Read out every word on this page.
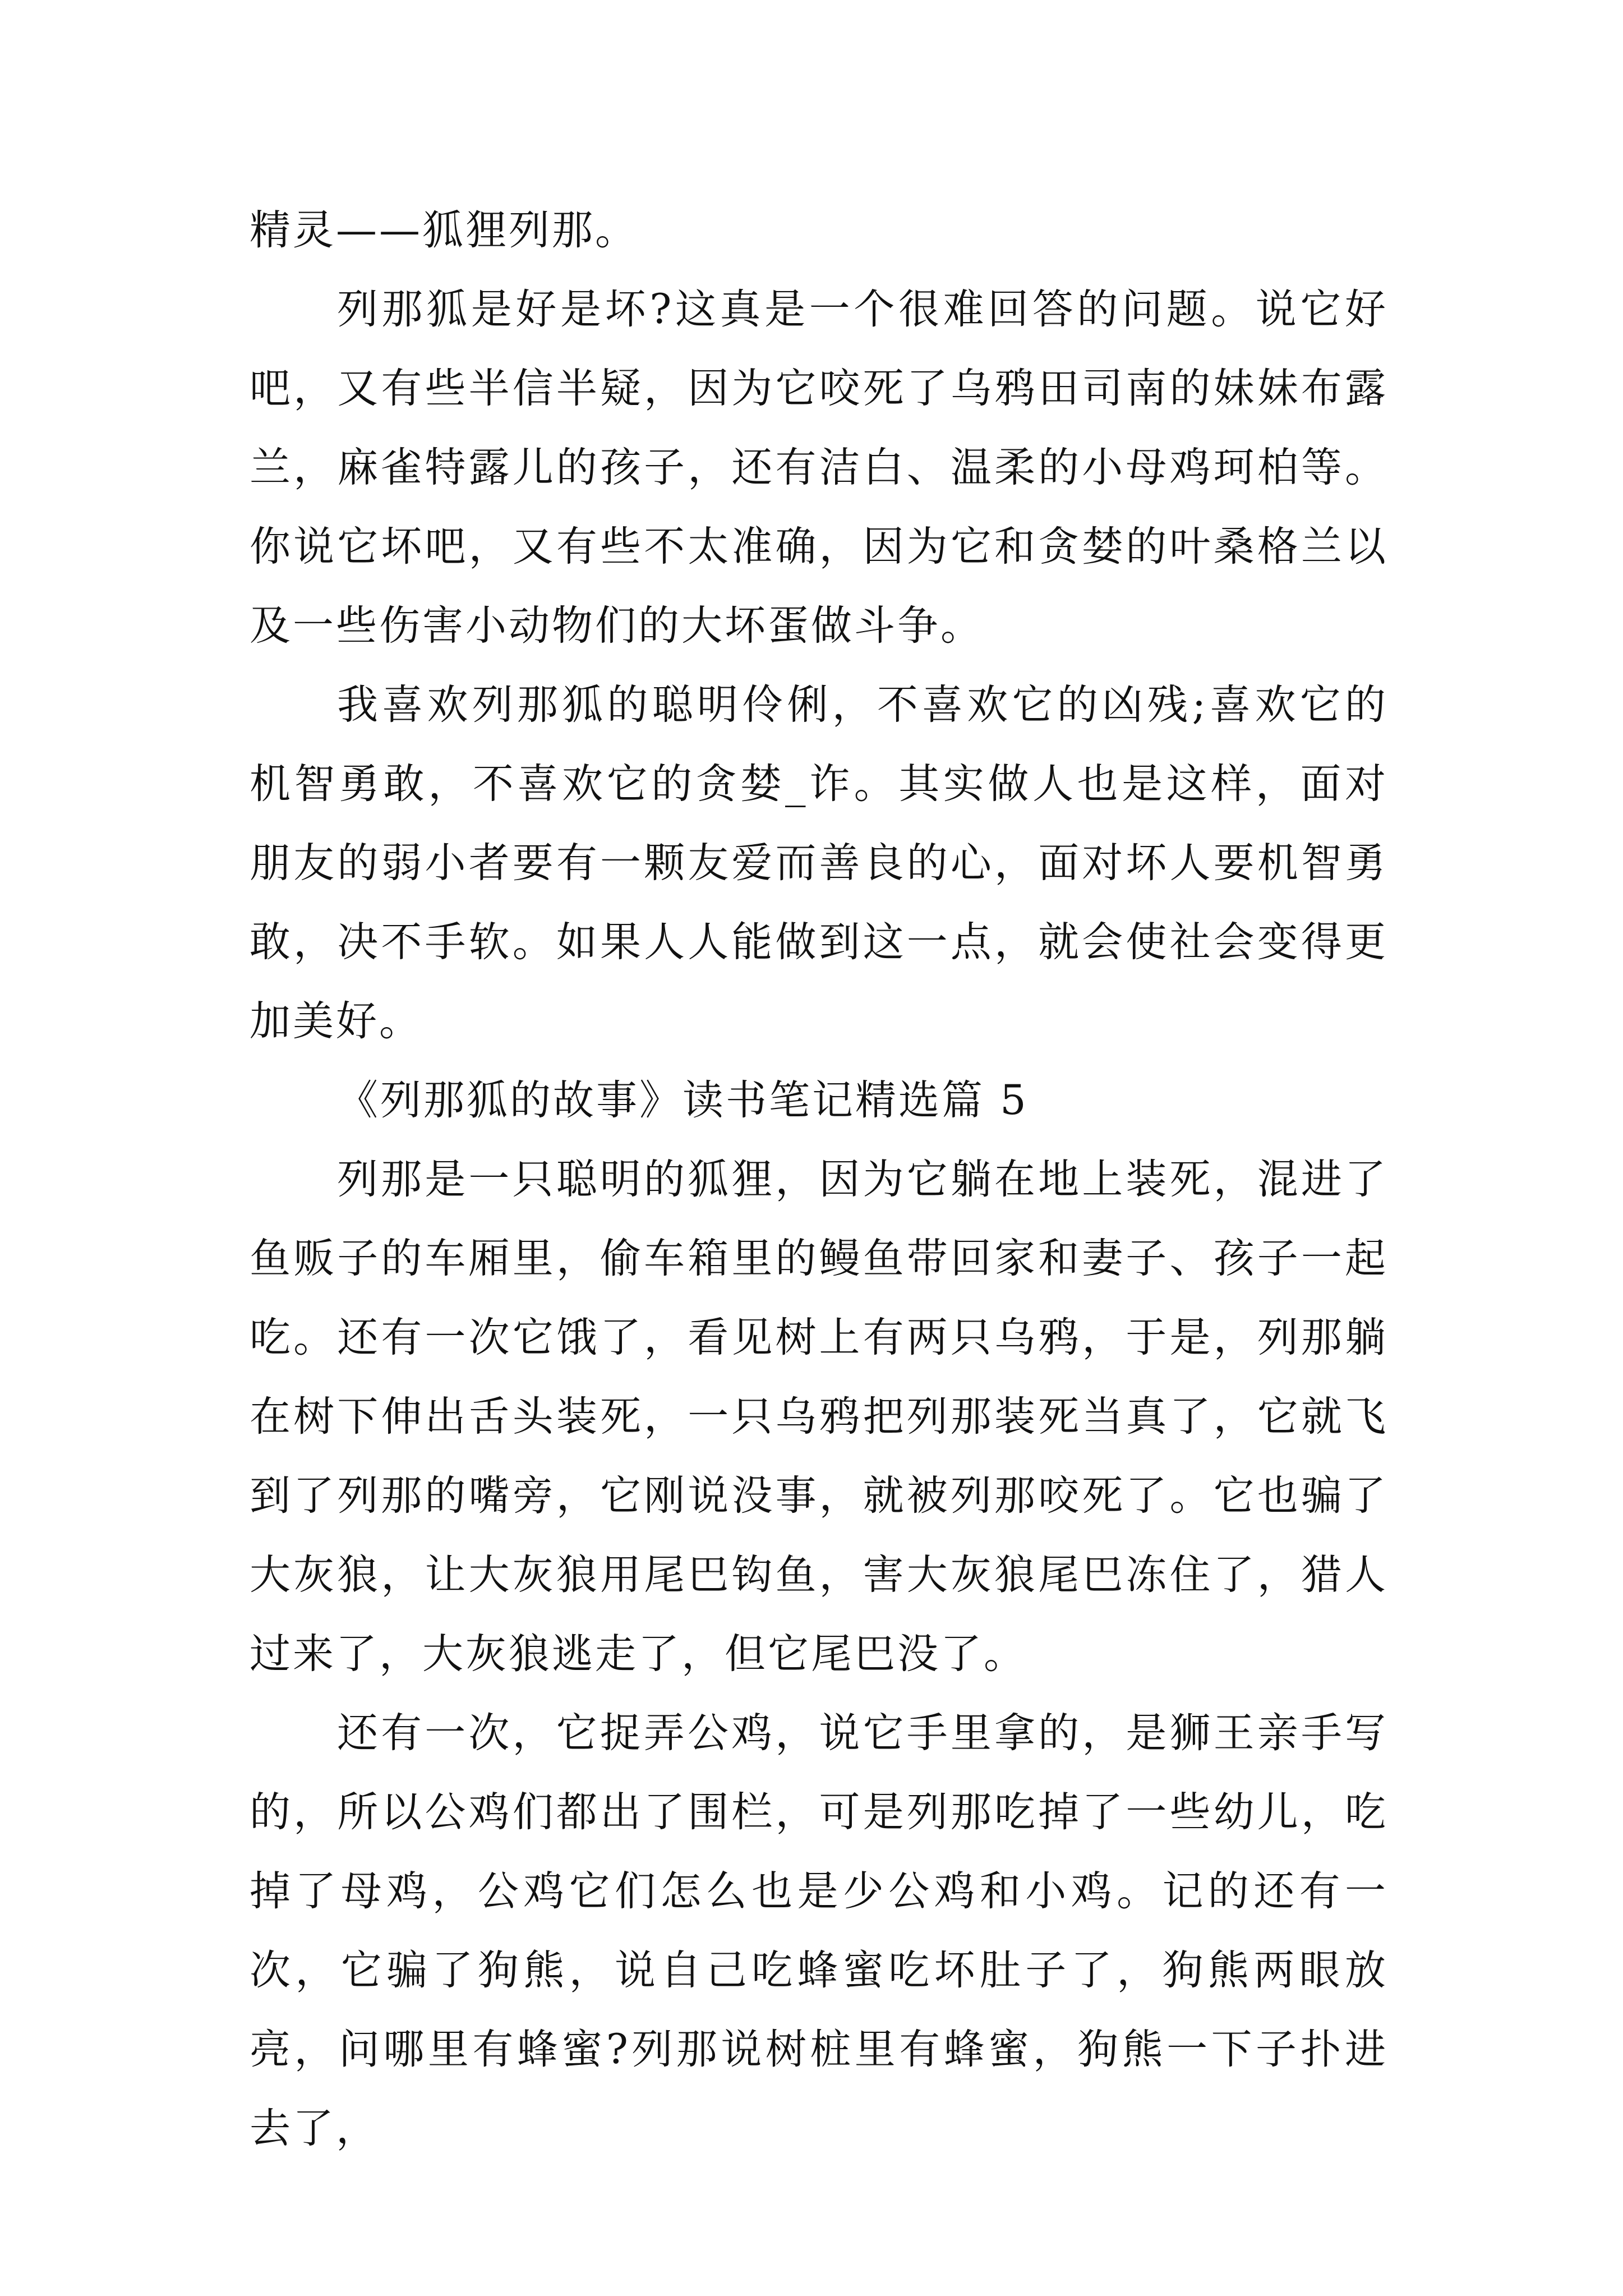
精灵——狐狸列那。

列那狐是好是坏?这真是一个很难回答的问题。说它好吧，又有些半信半疑，因为它咬死了乌鸦田司南的妹妹布露兰，麻雀特露儿的孩子，还有洁白、温柔的小母鸡珂柏等。你说它坏吧，又有些不太准确，因为它和贪婪的叶桑格兰以及一些伤害小动物们的大坏蛋做斗争。

我喜欢列那狐的聪明伶俐，不喜欢它的凶残;喜欢它的机智勇敢，不喜欢它的贪婪_诈。其实做人也是这样，面对朋友的弱小者要有一颗友爱而善良的心，面对坏人要机智勇敢，决不手软。如果人人能做到这一点，就会使社会变得更加美好。

《列那狐的故事》读书笔记精选篇 5

列那是一只聪明的狐狸，因为它躺在地上装死，混进了鱼贩子的车厢里，偷车箱里的鳗鱼带回家和妻子、孩子一起吃。还有一次它饿了，看见树上有两只乌鸦，于是，列那躺在树下伸出舌头装死，一只乌鸦把列那装死当真了，它就飞到了列那的嘴旁，它刚说没事，就被列那咬死了。它也骗了大灰狼，让大灰狼用尾巴钩鱼，害大灰狼尾巴冻住了，猎人过来了，大灰狼逃走了，但它尾巴没了。

还有一次，它捉弄公鸡，说它手里拿的，是狮王亲手写的，所以公鸡们都出了围栏，可是列那吃掉了一些幼儿，吃掉了母鸡，公鸡它们怎么也是少公鸡和小鸡。记的还有一次，它骗了狗熊，说自己吃蜂蜜吃坏肚子了，狗熊两眼放亮，问哪里有蜂蜜?列那说树桩里有蜂蜜，狗熊一下子扑进去了，
